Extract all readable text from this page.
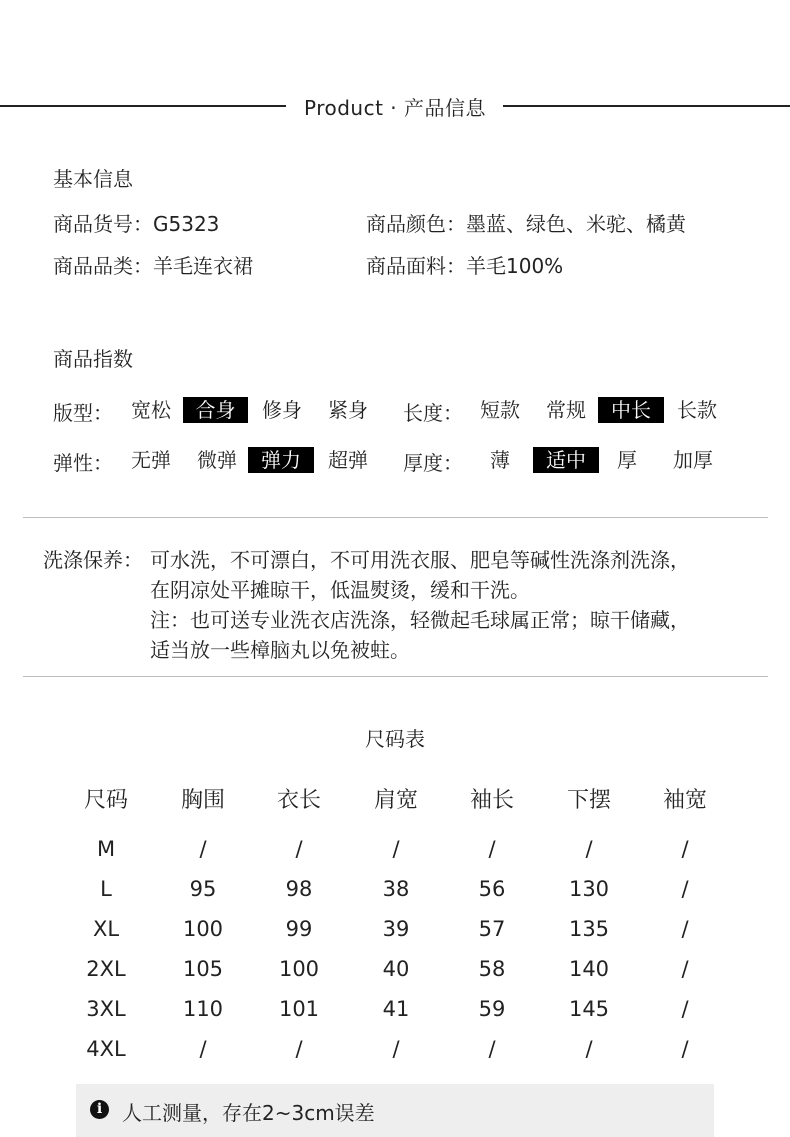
Product · 产品信息
基本信息
商品货号：G5323	商品颜色：墨蓝、绿色、米驼、橘黄
商品品类：羊毛连衣裙	商品面料：羊毛100%
商品指数
版型： 宽松	合身	修身	紧身	长度： 短款	常规	中长	长款
弹性： 无弹	微弹	弹力	超弹	厚度：	薄	适中	厚	加厚
洗涤保养： 可水洗，不可漂白，不可用洗衣服、肥皂等碱性洗涤剂洗涤，
在阴凉处平摊晾干，低温熨烫，缓和干洗。
注：也可送专业洗衣店洗涤，轻微起毛球属正常；晾干储藏，
适当放一些樟脑丸以免被蛀。
尺码表
尺码	胸围	衣长	肩宽	袖长	下摆	袖宽
M	/	/	/	/	/	/
L	95	98	38	56	130	/
XL	100	99	39	57	135	/
2XL	105	100	40	58	140	/
3XL	110	101	41	59	145	/
4XL	/	/	/	/	/	/
i 人工测量，存在2~3cm误差
